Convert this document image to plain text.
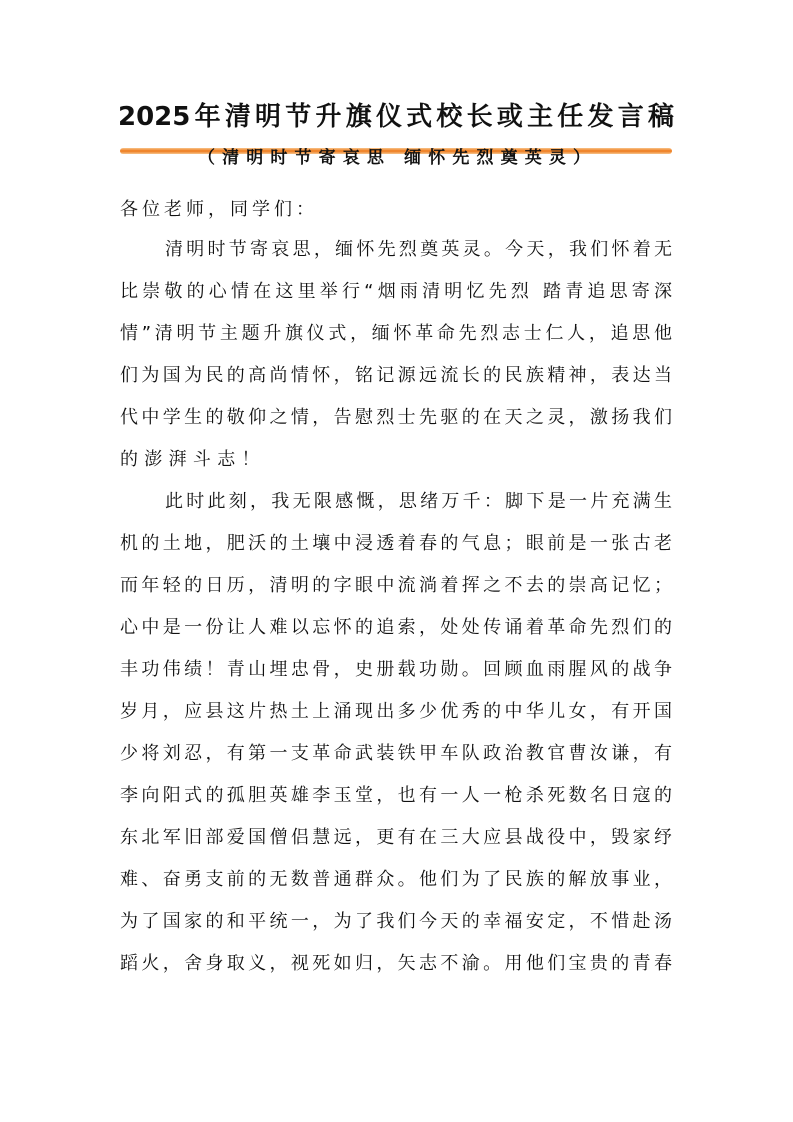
2025年清明节升旗仪式校长或主任发言稿
（清明时节寄哀思 缅怀先烈奠英灵）
各位老师，同学们：
清明时节寄哀思，缅怀先烈奠英灵。今天，我们怀着无
比崇敬的心情在这里举行“烟雨清明忆先烈 踏青追思寄深
情”清明节主题升旗仪式，缅怀革命先烈志士仁人，追思他
们为国为民的高尚情怀，铭记源远流长的民族精神，表达当
代中学生的敬仰之情，告慰烈士先驱的在天之灵，激扬我们
的澎湃斗志！
此时此刻，我无限感慨，思绪万千：脚下是一片充满生
机的土地，肥沃的土壤中浸透着春的气息；眼前是一张古老
而年轻的日历，清明的字眼中流淌着挥之不去的崇高记忆；
心中是一份让人难以忘怀的追索，处处传诵着革命先烈们的
丰功伟绩！青山埋忠骨，史册载功勋。回顾血雨腥风的战争
岁月，应县这片热土上涌现出多少优秀的中华儿女，有开国
少将刘忍，有第一支革命武装铁甲车队政治教官曹汝谦，有
李向阳式的孤胆英雄李玉堂，也有一人一枪杀死数名日寇的
东北军旧部爱国僧侣慧远，更有在三大应县战役中，毁家纾
难、奋勇支前的无数普通群众。他们为了民族的解放事业，
为了国家的和平统一，为了我们今天的幸福安定，不惜赴汤
蹈火，舍身取义，视死如归，矢志不渝。用他们宝贵的青春
